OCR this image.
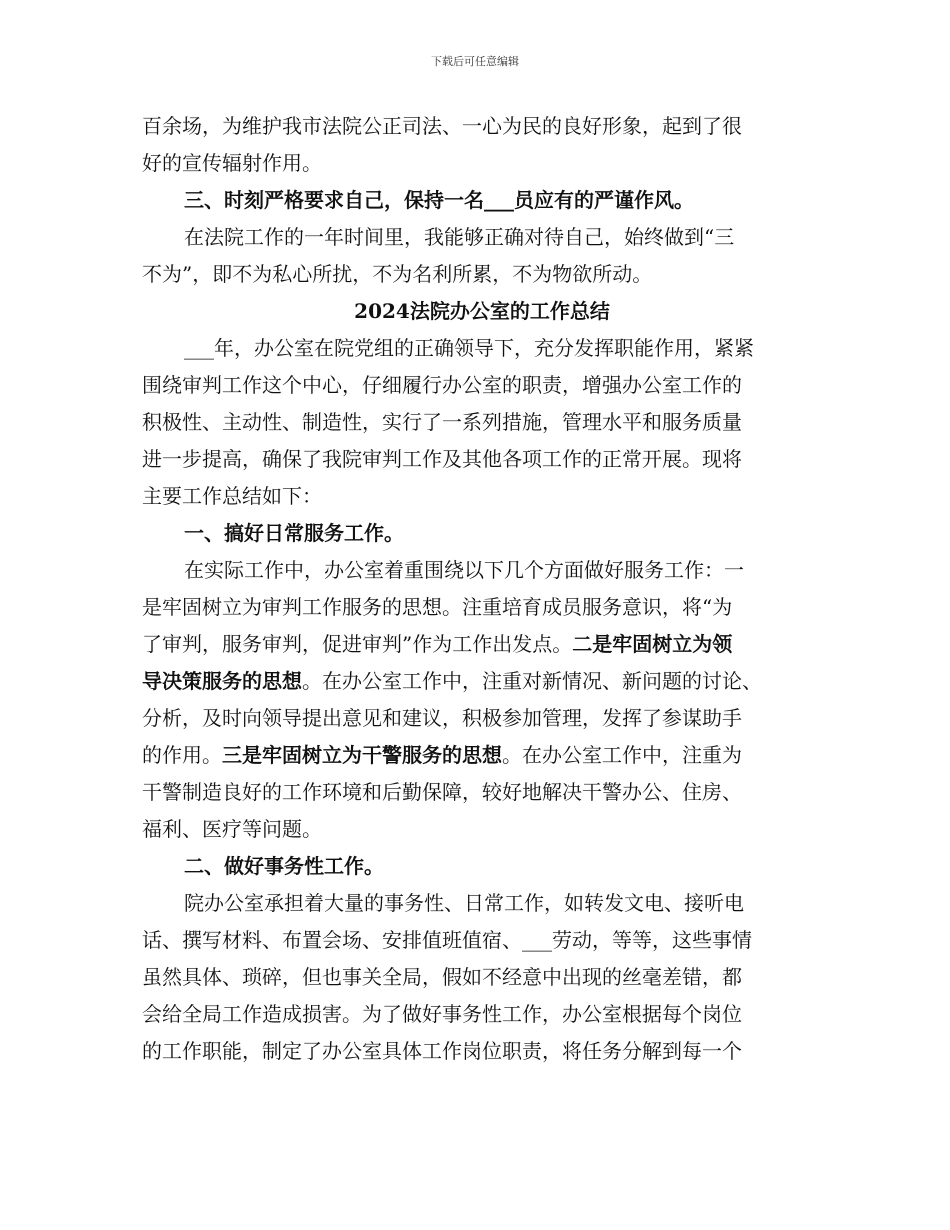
下载后可任意编辑
百余场，为维护我市法院公正司法、一心为民的良好形象，起到了很
好的宣传辐射作用。
三、时刻严格要求自己，保持一名___员应有的严谨作风。
在法院工作的一年时间里，我能够正确对待自己，始终做到“三
不为”，即不为私心所扰，不为名利所累，不为物欲所动。
2024法院办公室的工作总结
___年，办公室在院党组的正确领导下，充分发挥职能作用，紧紧
围绕审判工作这个中心，仔细履行办公室的职责，增强办公室工作的
积极性、主动性、制造性，实行了一系列措施，管理水平和服务质量
进一步提高，确保了我院审判工作及其他各项工作的正常开展。现将
主要工作总结如下：
一、搞好日常服务工作。
在实际工作中，办公室着重围绕以下几个方面做好服务工作：一
是牢固树立为审判工作服务的思想。注重培育成员服务意识，将“为
了审判，服务审判，促进审判”作为工作出发点。二是牢固树立为领
导决策服务的思想。在办公室工作中，注重对新情况、新问题的讨论、
分析，及时向领导提出意见和建议，积极参加管理，发挥了参谋助手
的作用。三是牢固树立为干警服务的思想。在办公室工作中，注重为
干警制造良好的工作环境和后勤保障，较好地解决干警办公、住房、
福利、医疗等问题。
二、做好事务性工作。
院办公室承担着大量的事务性、日常工作，如转发文电、接听电
话、撰写材料、布置会场、安排值班值宿、___劳动，等等，这些事情
虽然具体、琐碎，但也事关全局，假如不经意中出现的丝毫差错，都
会给全局工作造成损害。为了做好事务性工作，办公室根据每个岗位
的工作职能，制定了办公室具体工作岗位职责，将任务分解到每一个
